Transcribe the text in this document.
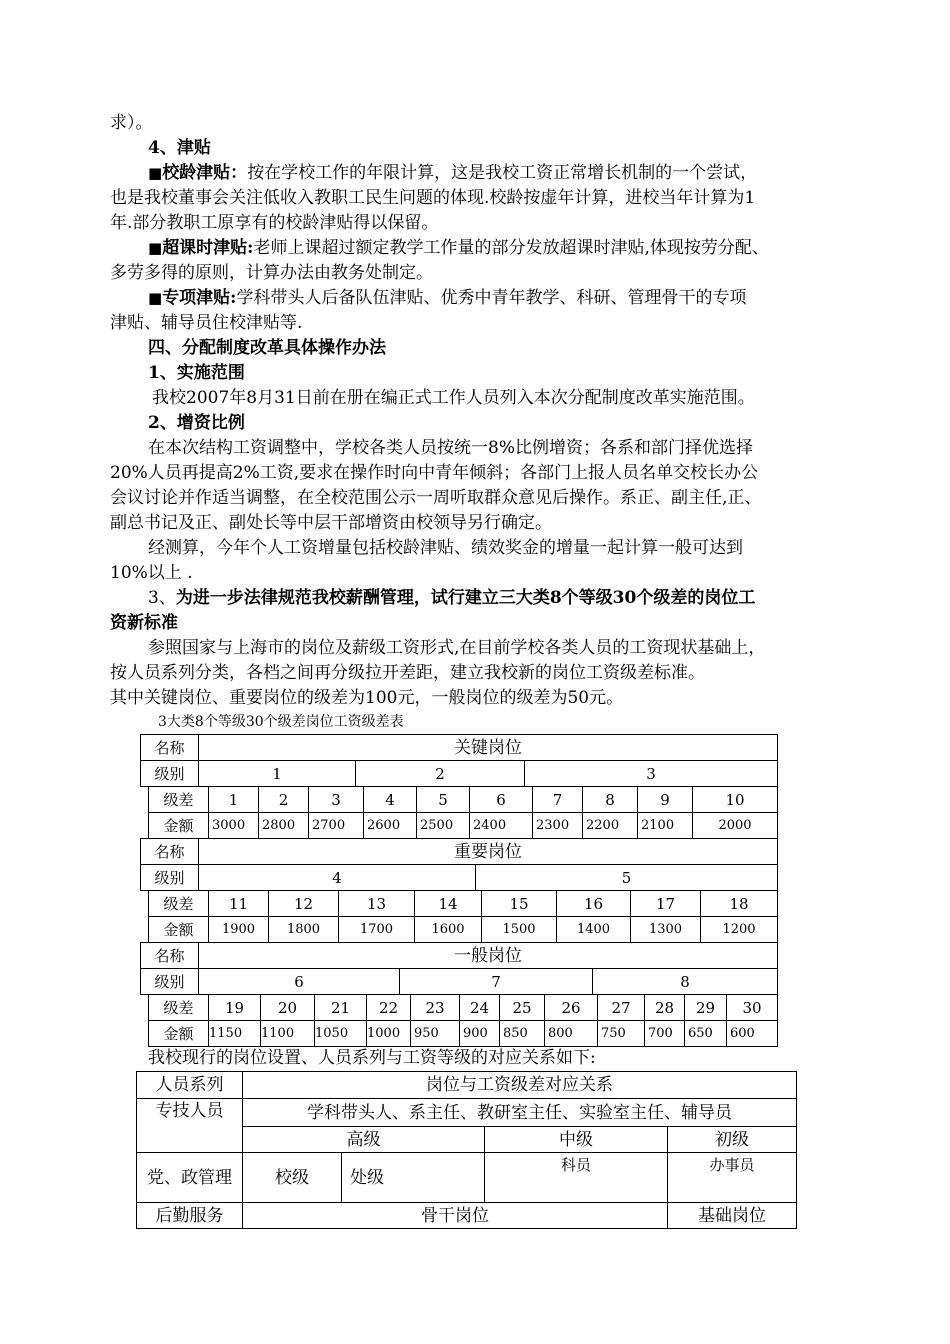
求）。
4、津贴
■校龄津贴：按在学校工作的年限计算，这是我校工资正常增长机制的一个尝试，
也是我校董事会关注低收入教职工民生问题的体现.校龄按虚年计算，进校当年计算为1
年.部分教职工原享有的校龄津贴得以保留。
■超课时津贴:老师上课超过额定教学工作量的部分发放超课时津贴,体现按劳分配、
多劳多得的原则，计算办法由教务处制定。
■专项津贴:学科带头人后备队伍津贴、优秀中青年教学、科研、管理骨干的专项
津贴、辅导员住校津贴等.
四、分配制度改革具体操作办法
1、实施范围
我校2007年8月31日前在册在编正式工作人员列入本次分配制度改革实施范围。
2、增资比例
在本次结构工资调整中，学校各类人员按统一8%比例增资；各系和部门择优选择
20%人员再提高2%工资,要求在操作时向中青年倾斜；各部门上报人员名单交校长办公
会议讨论并作适当调整，在全校范围公示一周听取群众意见后操作。系正、副主任,正、
副总书记及正、副处长等中层干部增资由校领导另行确定。
经测算，今年个人工资增量包括校龄津贴、绩效奖金的增量一起计算一般可达到
10%以上 .
3、为进一步法律规范我校薪酬管理，试行建立三大类8个等级30个级差的岗位工
资新标准
参照国家与上海市的岗位及薪级工资形式,在目前学校各类人员的工资现状基础上，
按人员系列分类，各档之间再分级拉开差距，建立我校新的岗位工资级差标准。
其中关键岗位、重要岗位的级差为100元，一般岗位的级差为50元。
3大类8个等级30个级差岗位工资级差表
名称	关键岗位		
级别	1	2	3
级差	1	2	3	4	5	6	7	8	9	10
金额	3000	2800	2700	2600	2500	2400	2300	2200	2100	2000
名称	重要岗位	
级别	4	5
级差	11	12	13	14	15	16	17	18
金额	1900	1800	1700	1600	1500	1400	1300	1200
名称	一般岗位		
级别	6	7	8
级差	19	20	21	22	23	24	25	26	27	28	29	30
金额	1150	1100	1050	1000	950	900	850	800	750	700	650	600
我校现行的岗位设置、人员系列与工资等级的对应关系如下:
人员系列	岗位与工资级差对应关系			
专技人员	学科带头人、系主任、教研室主任、实验室主任、辅导员			
	高级		中级	初级
党、政管理	校级	处级	科员	办事员
后勤服务	骨干岗位			基础岗位
